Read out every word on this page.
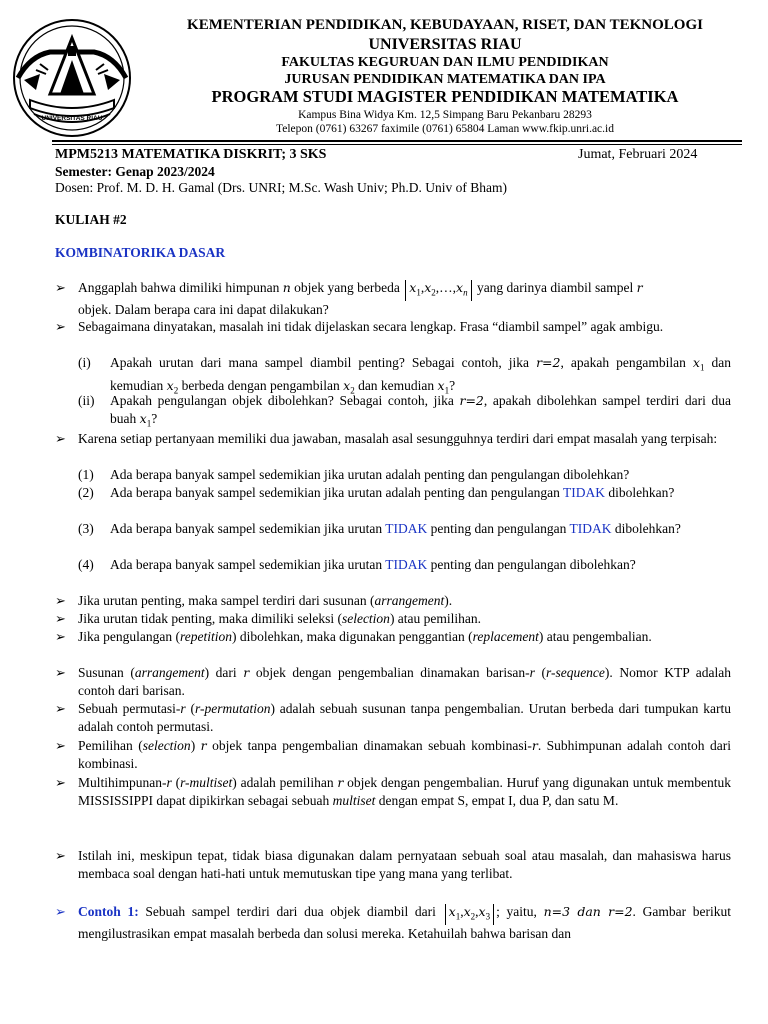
UNIVERSITAS RIAU
KEMENTERIAN PENDIDIKAN, KEBUDAYAAN, RISET, DAN TEKNOLOGI
UNIVERSITAS RIAU
FAKULTAS KEGURUAN DAN ILMU PENDIDIKAN
JURUSAN PENDIDIKAN MATEMATIKA DAN IPA
PROGRAM STUDI MAGISTER PENDIDIKAN MATEMATIKA
Kampus Bina Widya Km. 12,5 Simpang Baru Pekanbaru 28293
Telepon (0761) 63267 faximile (0761) 65804 Laman www.fkip.unri.ac.id
MPM5213 MATEMATIKA DISKRIT; 3 SKS	Jumat, Februari 2024
Semester: Genap 2023/2024
Dosen: Prof. M. D. H. Gamal (Drs. UNRI; M.Sc. Wash Univ; Ph.D. Univ of Bham)
KULIAH #2
KOMBINATORIKA DASAR
➢ Anggaplah bahwa dimiliki himpunan n objek yang berbeda $x_1,x_2,\dots,x_n$ yang darinya diambil sampel r
objek. Dalam berapa cara ini dapat dilakukan?
➢ Sebagaimana dinyatakan, masalah ini tidak dijelaskan secara lengkap. Frasa “diambil sampel” agak ambigu.
(i) Apakah urutan dari mana sampel diambil penting? Sebagai contoh, jika r=2, apakah pengambilan $x_1$ dan kemudian $x_2$ berbeda dengan pengambilan $x_2$ dan kemudian $x_1$?
(ii) Apakah pengulangan objek dibolehkan? Sebagai contoh, jika r=2, apakah dibolehkan sampel terdiri dari dua buah $x_1$?
➢ Karena setiap pertanyaan memiliki dua jawaban, masalah asal sesungguhnya terdiri dari empat masalah yang terpisah:
(1) Ada berapa banyak sampel sedemikian jika urutan adalah penting dan pengulangan dibolehkan?
(2) Ada berapa banyak sampel sedemikian jika urutan adalah penting dan pengulangan TIDAK dibolehkan?
(3) Ada berapa banyak sampel sedemikian jika urutan TIDAK penting dan pengulangan TIDAK dibolehkan?
(4) Ada berapa banyak sampel sedemikian jika urutan TIDAK penting dan pengulangan dibolehkan?
➢ Jika urutan penting, maka sampel terdiri dari susunan (arrangement).
➢ Jika urutan tidak penting, maka dimiliki seleksi (selection) atau pemilihan.
➢ Jika pengulangan (repetition) dibolehkan, maka digunakan penggantian (replacement) atau pengembalian.
➢ Susunan (arrangement) dari r objek dengan pengembalian dinamakan barisan-r (r-sequence). Nomor KTP adalah contoh dari barisan.
➢ Sebuah permutasi-r (r-permutation) adalah sebuah susunan tanpa pengembalian. Urutan berbeda dari tumpukan kartu adalah contoh permutasi.
➢ Pemilihan (selection) r objek tanpa pengembalian dinamakan sebuah kombinasi-r. Subhimpunan adalah contoh dari kombinasi.
➢ Multihimpunan-r (r-multiset) adalah pemilihan r objek dengan pengembalian. Huruf yang digunakan untuk membentuk MISSISSIPPI dapat dipikirkan sebagai sebuah multiset dengan empat S, empat I, dua P, dan satu M.
➢ Istilah ini, meskipun tepat, tidak biasa digunakan dalam pernyataan sebuah soal atau masalah, dan mahasiswa harus membaca soal dengan hati-hati untuk memutuskan tipe yang mana yang terlibat.
➢ Contoh 1: Sebuah sampel terdiri dari dua objek diambil dari $x_1,x_2,x_3$ ; yaitu, n=3 dan r=2. Gambar berikut mengilustrasikan empat masalah berbeda dan solusi mereka. Ketahuilah bahwa barisan dan
